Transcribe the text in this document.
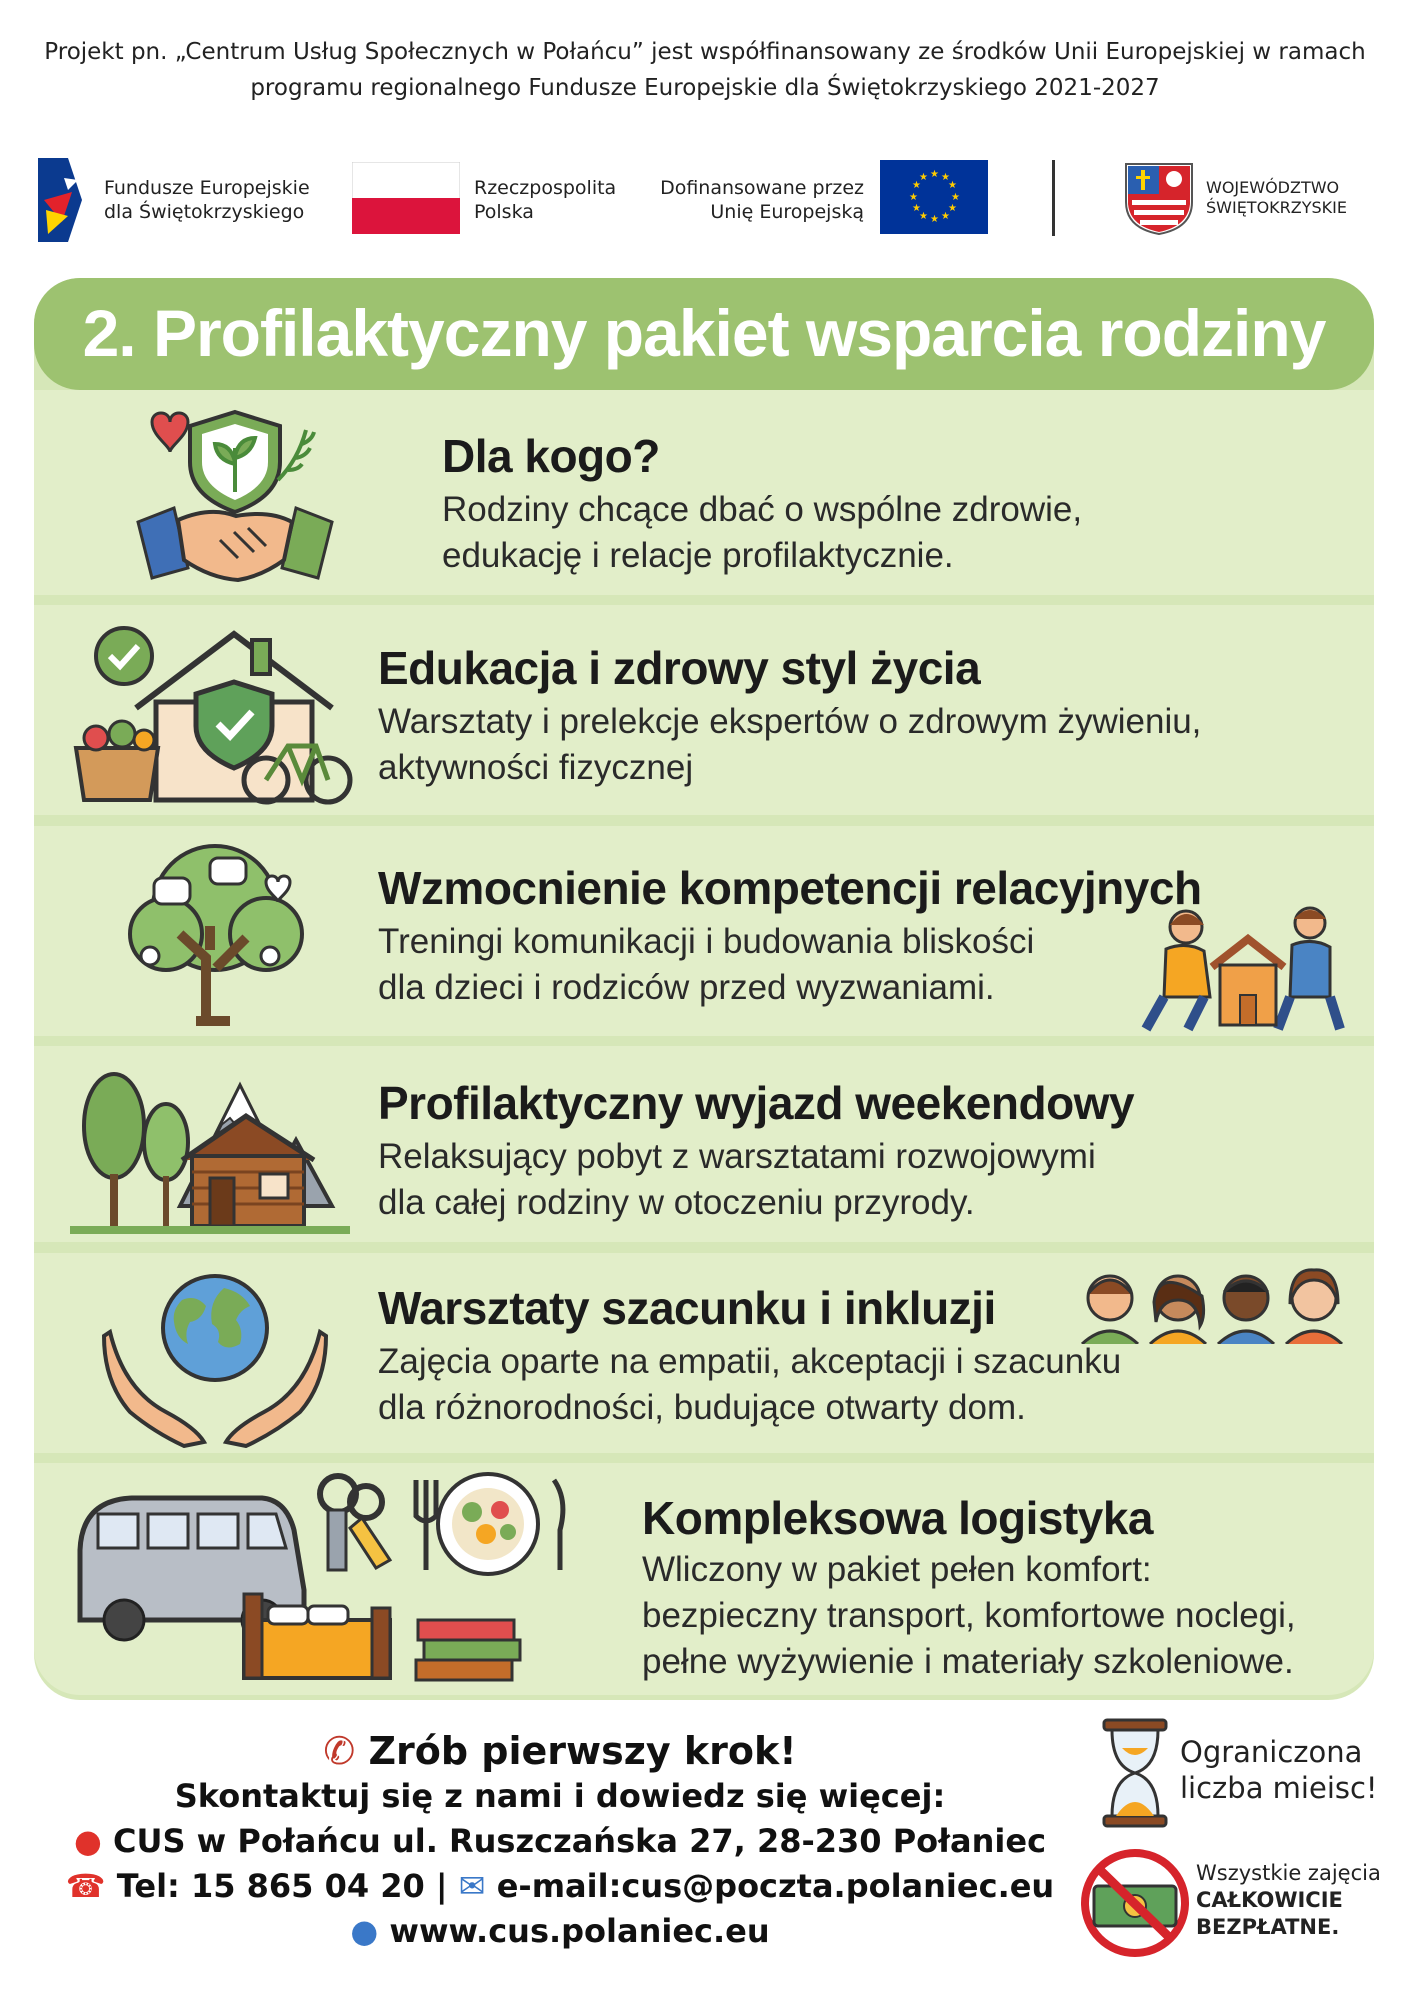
Projekt pn. „Centrum Usług Społecznych w Połańcu” jest współfinansowany ze środków Unii Europejskiej w ramach
programu regionalnego Fundusze Europejskie dla Świętokrzyskiego 2021-2027
Fundusze Europejskie
dla Świętokrzyskiego
Rzeczpospolita
Polska
Dofinansowane przez
Unię Europejską
★ ★
★
★
★
★
★
★
★
★
★
★
WOJEWÓDZTWO
ŚWIĘTOKRZYSKIE
2. Profilaktyczny pakiet wsparcia rodziny
Dla kogo?
Rodziny chcące dbać o wspólne zdrowie,
edukację i relacje profilaktycznie.
Edukacja i zdrowy styl życia
Warsztaty i prelekcje ekspertów o zdrowym żywieniu,
aktywności fizycznej
Wzmocnienie kompetencji relacyjnych
Treningi komunikacji i budowania bliskości
dla dzieci i rodziców przed wyzwaniami.
Profilaktyczny wyjazd weekendowy
Relaksujący pobyt z warsztatami rozwojowymi
dla całej rodziny w otoczeniu przyrody.
Warsztaty szacunku i inkluzji
Zajęcia oparte na empatii, akceptacji i szacunku
dla różnorodności, budujące otwarty dom.
Kompleksowa logistyka
Wliczony w pakiet pełen komfort:
bezpieczny transport, komfortowe noclegi,
pełne wyżywienie i materiały szkoleniowe.
✆ Zrób pierwszy krok!
Skontaktuj się z nami i dowiedz się więcej:
● CUS w Połańcu ul. Ruszczańska 27, 28-230 Połaniec
☎ Tel: 15 865 04 20 | ✉ e-mail:cus@poczta.polaniec.eu
● www.cus.polaniec.eu
Ograniczona
liczba mieisc!
Wszystkie zajęcia
CAŁKOWICIE
BEZPŁATNE.
